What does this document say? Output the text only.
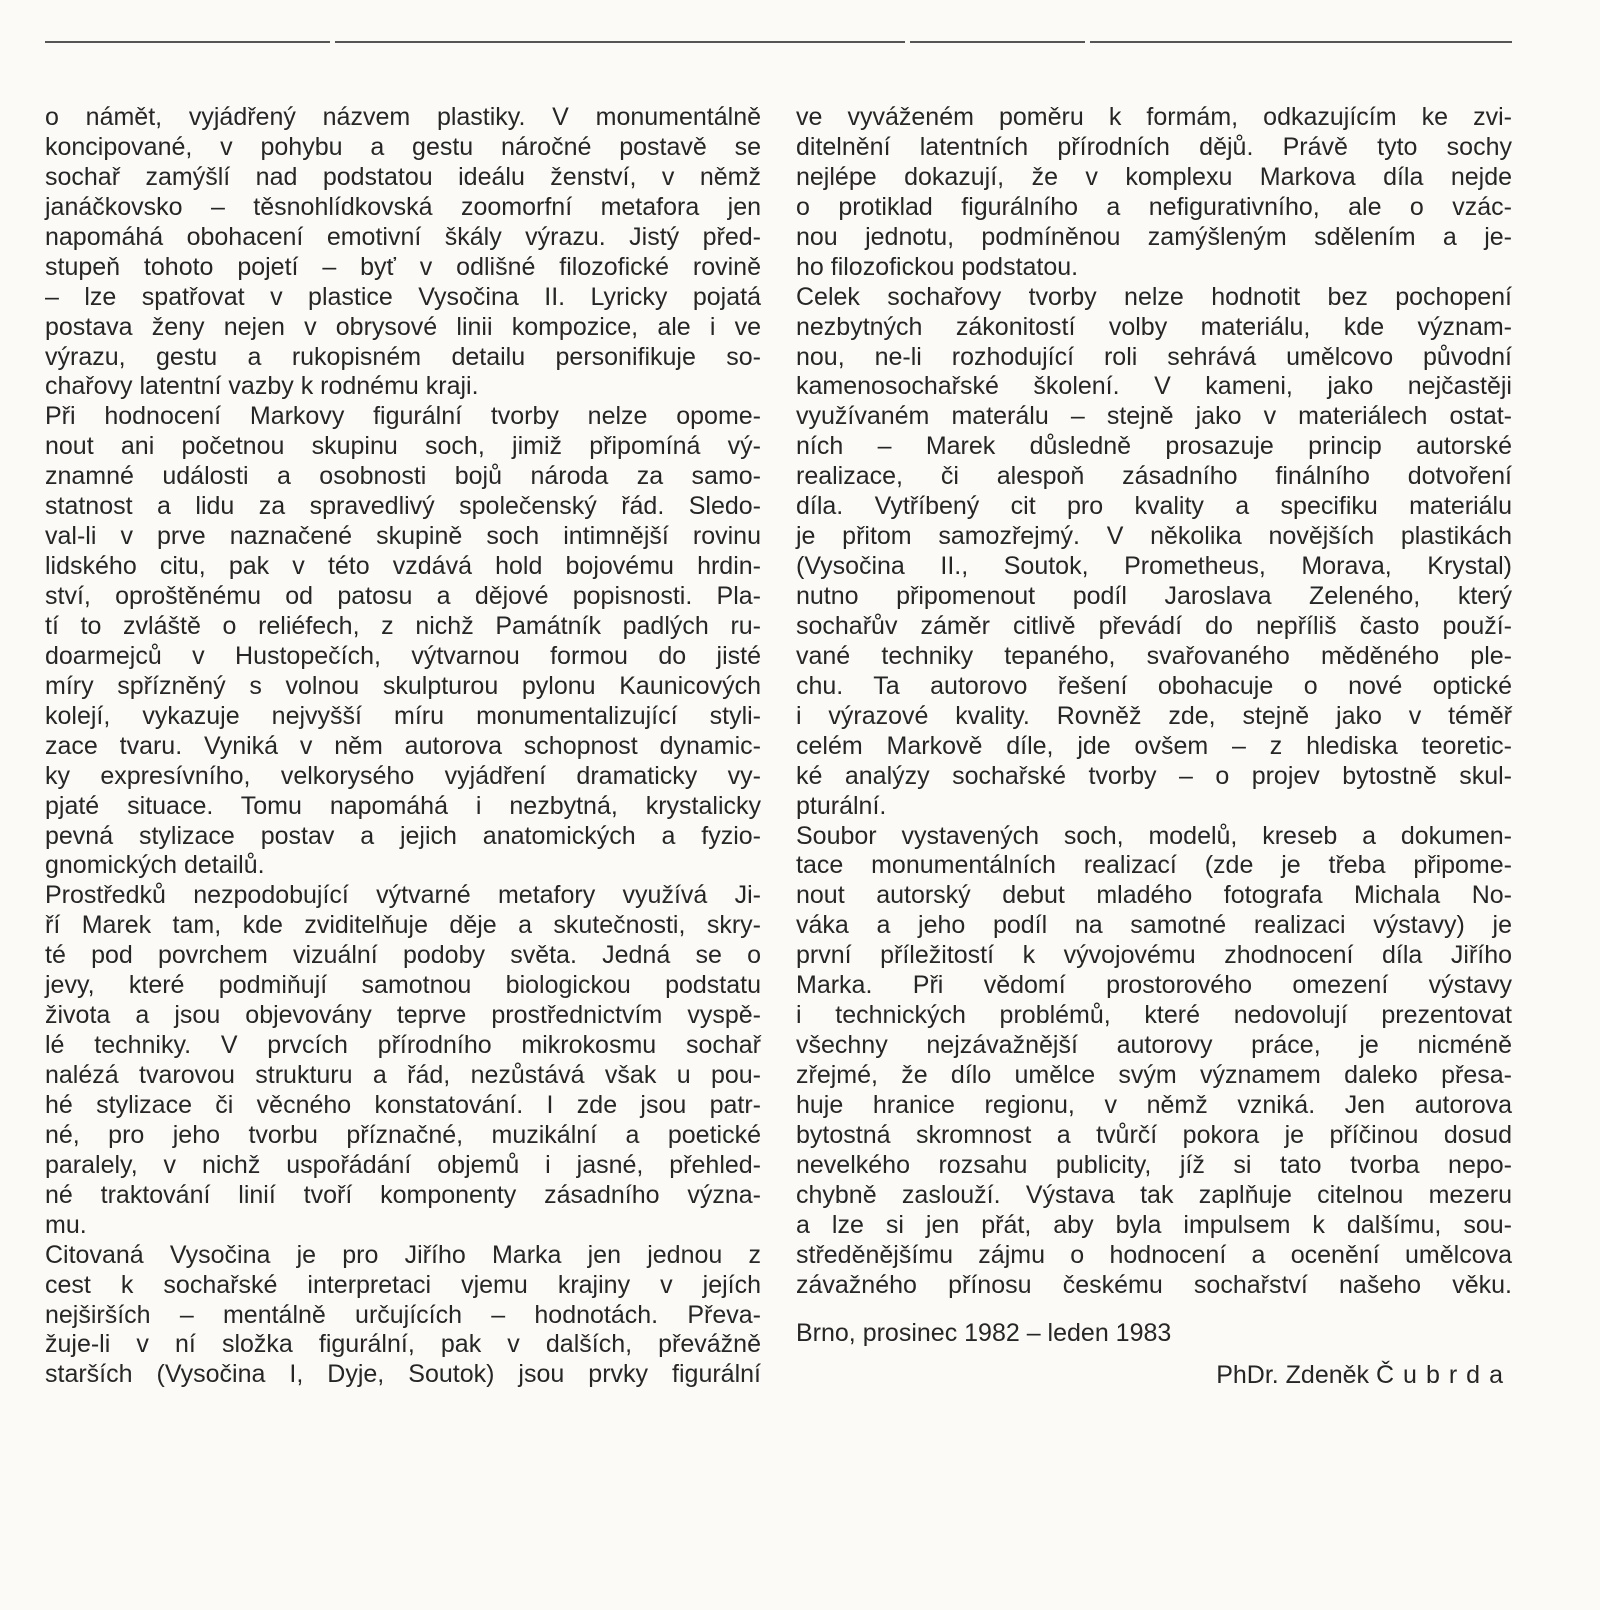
o námět, vyjádřený názvem plastiky. V monumentálně
koncipované, v pohybu a gestu náročné postavě se
sochař zamýšlí nad podstatou ideálu ženství, v němž
janáčkovsko – těsnohlídkovská zoomorfní metafora jen
napomáhá obohacení emotivní škály výrazu. Jistý před-
stupeň tohoto pojetí – byť v odlišné filozofické rovině
– lze spatřovat v plastice Vysočina II. Lyricky pojatá
postava ženy nejen v obrysové linii kompozice, ale i ve
výrazu, gestu a rukopisném detailu personifikuje so-
chařovy latentní vazby k rodnému kraji.
Při hodnocení Markovy figurální tvorby nelze opome-
nout ani početnou skupinu soch, jimiž připomíná vý-
znamné události a osobnosti bojů národa za samo-
statnost a lidu za spravedlivý společenský řád. Sledo-
val-li v prve naznačené skupině soch intimnější rovinu
lidského citu, pak v této vzdává hold bojovému hrdin-
ství, oproštěnému od patosu a dějové popisnosti. Pla-
tí to zvláště o reliéfech, z nichž Památník padlých ru-
doarmejců v Hustopečích, výtvarnou formou do jisté
míry spřízněný s volnou skulpturou pylonu Kaunicových
kolejí, vykazuje nejvyšší míru monumentalizující styli-
zace tvaru. Vyniká v něm autorova schopnost dynamic-
ky expresívního, velkorysého vyjádření dramaticky vy-
pjaté situace. Tomu napomáhá i nezbytná, krystalicky
pevná stylizace postav a jejich anatomických a fyzio-
gnomických detailů.
Prostředků nezpodobující výtvarné metafory využívá Ji-
ří Marek tam, kde zviditelňuje děje a skutečnosti, skry-
té pod povrchem vizuální podoby světa. Jedná se o
jevy, které podmiňují samotnou biologickou podstatu
života a jsou objevovány teprve prostřednictvím vyspě-
lé techniky. V prvcích přírodního mikrokosmu sochař
nalézá tvarovou strukturu a řád, nezůstává však u pou-
hé stylizace či věcného konstatování. I zde jsou patr-
né, pro jeho tvorbu příznačné, muzikální a poetické
paralely, v nichž uspořádání objemů i jasné, přehled-
né traktování linií tvoří komponenty zásadního význa-
mu.
Citovaná Vysočina je pro Jiřího Marka jen jednou z
cest k sochařské interpretaci vjemu krajiny v jejích
nejširších – mentálně určujících – hodnotách. Převa-
žuje-li v ní složka figurální, pak v dalších, převážně
starších (Vysočina I, Dyje, Soutok) jsou prvky figurální
ve vyváženém poměru k formám, odkazujícím ke zvi-
ditelnění latentních přírodních dějů. Právě tyto sochy
nejlépe dokazují, že v komplexu Markova díla nejde
o protiklad figurálního a nefigurativního, ale o vzác-
nou jednotu, podmíněnou zamýšleným sdělením a je-
ho filozofickou podstatou.
Celek sochařovy tvorby nelze hodnotit bez pochopení
nezbytných zákonitostí volby materiálu, kde význam-
nou, ne-li rozhodující roli sehrává umělcovo původní
kamenosochařské školení. V kameni, jako nejčastěji
využívaném materálu – stejně jako v materiálech ostat-
ních – Marek důsledně prosazuje princip autorské
realizace, či alespoň zásadního finálního dotvoření
díla. Vytříbený cit pro kvality a specifiku materiálu
je přitom samozřejmý. V několika novějších plastikách
(Vysočina II., Soutok, Prometheus, Morava, Krystal)
nutno připomenout podíl Jaroslava Zeleného, který
sochařův záměr citlivě převádí do nepříliš často použí-
vané techniky tepaného, svařovaného měděného ple-
chu. Ta autorovo řešení obohacuje o nové optické
i výrazové kvality. Rovněž zde, stejně jako v téměř
celém Markově díle, jde ovšem – z hlediska teoretic-
ké analýzy sochařské tvorby – o projev bytostně skul-
pturální.
Soubor vystavených soch, modelů, kreseb a dokumen-
tace monumentálních realizací (zde je třeba připome-
nout autorský debut mladého fotografa Michala No-
váka a jeho podíl na samotné realizaci výstavy) je
první příležitostí k vývojovému zhodnocení díla Jiřího
Marka. Při vědomí prostorového omezení výstavy
i technických problémů, které nedovolují prezentovat
všechny nejzávažnější autorovy práce, je nicméně
zřejmé, že dílo umělce svým významem daleko přesa-
huje hranice regionu, v němž vzniká. Jen autorova
bytostná skromnost a tvůrčí pokora je příčinou dosud
nevelkého rozsahu publicity, jíž si tato tvorba nepo-
chybně zaslouží. Výstava tak zaplňuje citelnou mezeru
a lze si jen přát, aby byla impulsem k dalšímu, sou-
středěnějšímu zájmu o hodnocení a ocenění umělcova
závažného přínosu českému sochařství našeho věku.
Brno, prosinec 1982 – leden 1983
PhDr. Zdeněk Čubrda
